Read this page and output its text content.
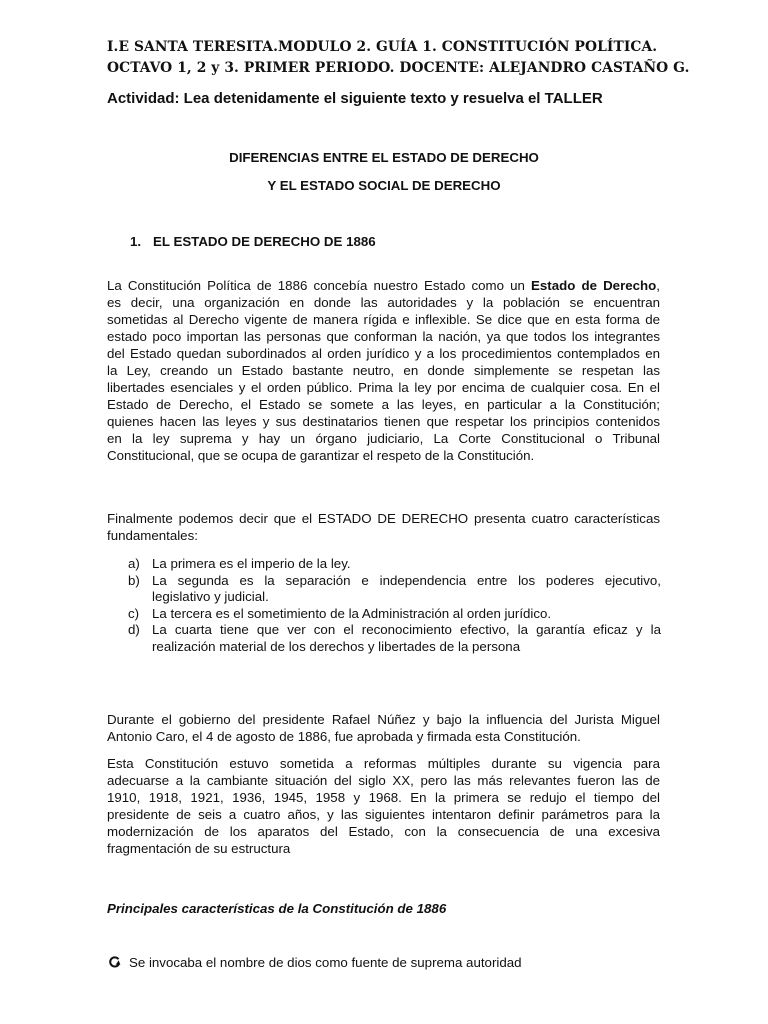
I.E SANTA TERESITA.MODULO 2. GUÍA 1. CONSTITUCIÓN POLÍTICA.
OCTAVO 1, 2 y 3. PRIMER PERIODO. DOCENTE: ALEJANDRO CASTAÑO G.
Actividad: Lea detenidamente el siguiente texto y resuelva el TALLER
DIFERENCIAS ENTRE EL ESTADO DE DERECHO
Y EL ESTADO SOCIAL DE DERECHO
1. EL ESTADO DE DERECHO DE 1886
La Constitución Política de 1886 concebía nuestro Estado como un Estado de Derecho,
es decir, una organización en donde las autoridades y la población se encuentran
sometidas al Derecho vigente de manera rígida e inflexible. Se dice que en esta forma de
estado poco importan las personas que conforman la nación, ya que todos los integrantes
del Estado quedan subordinados al orden jurídico y a los procedimientos contemplados en
la Ley, creando un Estado bastante neutro, en donde simplemente se respetan las
libertades esenciales y el orden público. Prima la ley por encima de cualquier cosa. En el
Estado de Derecho, el Estado se somete a las leyes, en particular a la Constitución;
quienes hacen las leyes y sus destinatarios tienen que respetar los principios contenidos
en la ley suprema y hay un órgano judiciario, La Corte Constitucional o Tribunal
Constitucional, que se ocupa de garantizar el respeto de la Constitución.
Finalmente podemos decir que el ESTADO DE DERECHO presenta cuatro características
fundamentales:
a) La primera es el imperio de la ley.
b) La segunda es la separación e independencia entre los poderes ejecutivo,
legislativo y judicial.
c) La tercera es el sometimiento de la Administración al orden jurídico.
d) La cuarta tiene que ver con el reconocimiento efectivo, la garantía eficaz y la
realización material de los derechos y libertades de la persona
Durante el gobierno del presidente Rafael Núñez y bajo la influencia del Jurista Miguel
Antonio Caro, el 4 de agosto de 1886, fue aprobada y firmada esta Constitución.
Esta Constitución estuvo sometida a reformas múltiples durante su vigencia para
adecuarse a la cambiante situación del siglo XX, pero las más relevantes fueron las de
1910, 1918, 1921, 1936, 1945, 1958 y 1968. En la primera se redujo el tiempo del
presidente de seis a cuatro años, y las siguientes intentaron definir parámetros para la
modernización de los aparatos del Estado, con la consecuencia de una excesiva
fragmentación de su estructura
Principales características de la Constitución de 1886
Se invocaba el nombre de dios como fuente de suprema autoridad
